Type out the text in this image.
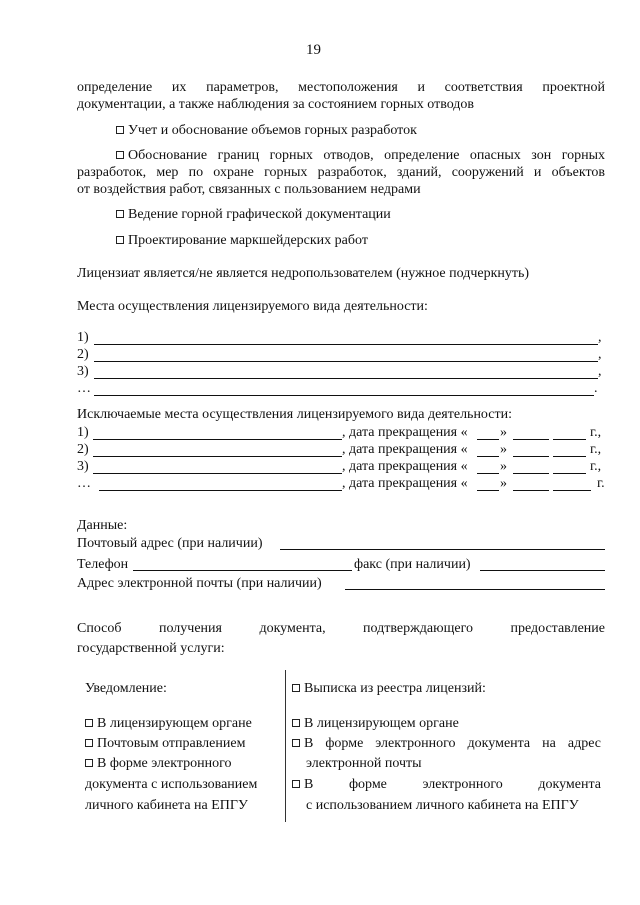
19
определение их параметров, местоположения и соответствия проектной
документации, а также наблюдения за состоянием горных отводов
Учет и обоснование объемов горных разработок
Обоснование границ горных отводов, определение опасных зон горных
разработок, мер по охране горных разработок, зданий, сооружений и объектов
от воздействия работ, связанных с пользованием недрами
Ведение горной графической документации
Проектирование маркшейдерских работ
Лицензиат является/не является недропользователем (нужное подчеркнуть)
Места осуществления лицензируемого вида деятельности:
1)	,
2)	,
3)	,
…	.
Исключаемые места осуществления лицензируемого вида деятельности:
1)	, дата прекращения « »	г.,
2)	, дата прекращения « »	г.,
3)	, дата прекращения « »	г.,
…	, дата прекращения « »	г.
Данные:
Почтовый адрес (при наличии)
Телефон	факс (при наличии)
Адрес электронной почты (при наличии)
Способ получения документа, подтверждающего предоставление
государственной услуги:
Уведомление:
В лицензирующем органе
Почтовым отправлением
В форме электронного
документа с использованием
личного кабинета на ЕПГУ
Выписка из реестра лицензий:
В лицензирующем органе
В форме электронного документа на адрес
электронной почты
В форме электронного документа
с использованием личного кабинета на ЕПГУ
